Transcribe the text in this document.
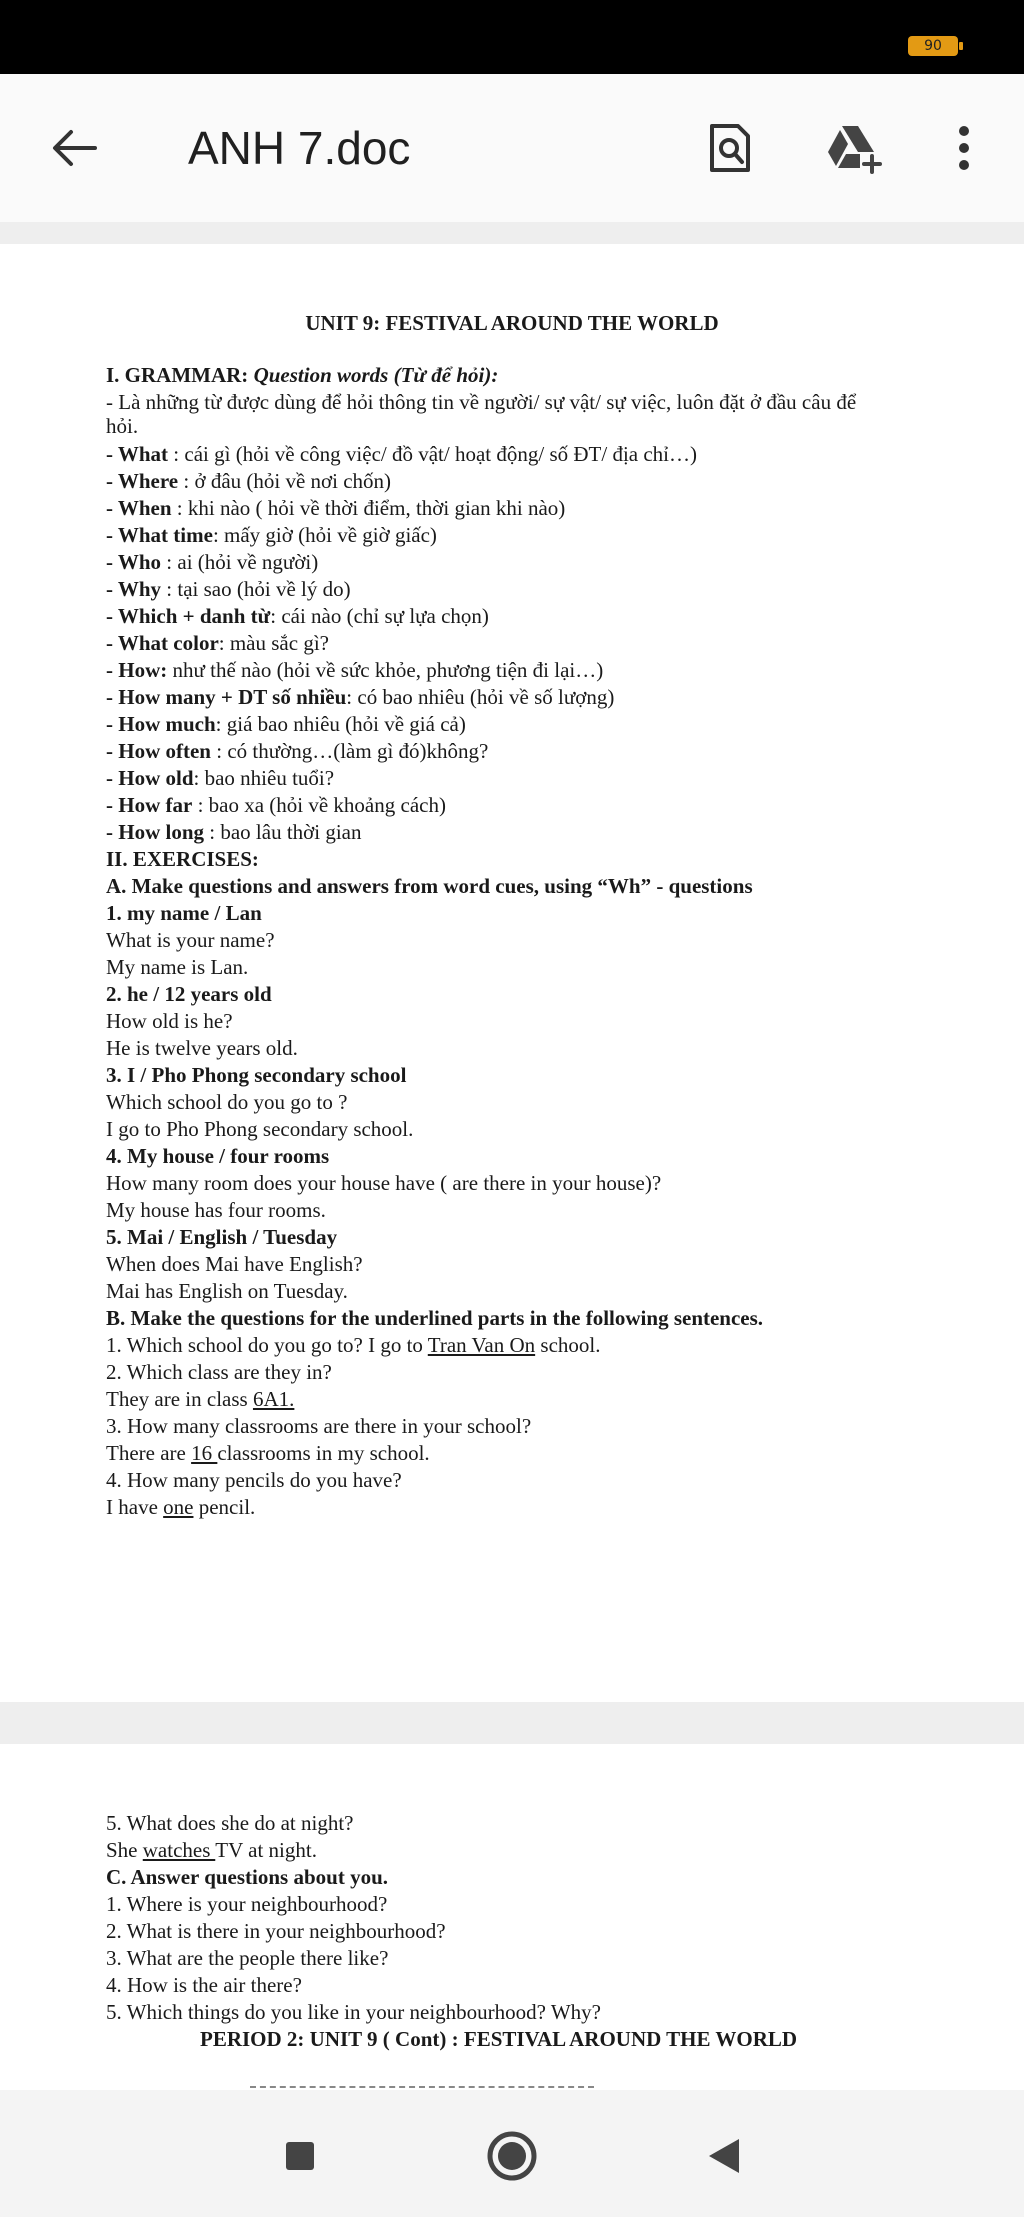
90
ANH 7.doc
UNIT 9: FESTIVAL AROUND THE WORLD
I. GRAMMAR: Question words (Từ để hỏi):
- Là những từ được dùng để hỏi thông tin về người/ sự vật/ sự việc, luôn đặt ở đầu câu để
hỏi.
- What : cái gì (hỏi về công việc/ đồ vật/ hoạt động/ số ĐT/ địa chỉ…)
- Where : ở đâu (hỏi về nơi chốn)
- When : khi nào ( hỏi về thời điểm, thời gian khi nào)
- What time: mấy giờ (hỏi về giờ giấc)
- Who : ai (hỏi về người)
- Why : tại sao (hỏi về lý do)
- Which + danh từ: cái nào (chỉ sự lựa chọn)
- What color: màu sắc gì?
- How: như thế nào (hỏi về sức khỏe, phương tiện đi lại…)
- How many + DT số nhiều: có bao nhiêu (hỏi về số lượng)
- How much: giá bao nhiêu (hỏi về giá cả)
- How often : có thường…(làm gì đó)không?
- How old: bao nhiêu tuổi?
- How far : bao xa (hỏi về khoảng cách)
- How long : bao lâu thời gian
II. EXERCISES:
A. Make questions and answers from word cues, using “Wh” - questions
1. my name / Lan
What is your name?
My name is Lan.
2. he / 12 years old
How old is he?
He is twelve years old.
3. I / Pho Phong secondary school
Which school do you go to ?
I go to Pho Phong secondary school.
4. My house / four rooms
How many room does your house have ( are there in your house)?
My house has four rooms.
5. Mai / English / Tuesday
When does Mai have English?
Mai has English on Tuesday.
B. Make the questions for the underlined parts in the following sentences.
1. Which school do you go to? I go to Tran Van On school.
2. Which class are they in?
They are in class 6A1.
3. How many classrooms are there in your school?
There are 16 classrooms in my school.
4. How many pencils do you have?
I have one pencil.
5. What does she do at night?
She watches TV at night.
C. Answer questions about you.
1. Where is your neighbourhood?
2. What is there in your neighbourhood?
3. What are the people there like?
4. How is the air there?
5. Which things do you like in your neighbourhood? Why?
PERIOD 2: UNIT 9 ( Cont) : FESTIVAL AROUND THE WORLD
